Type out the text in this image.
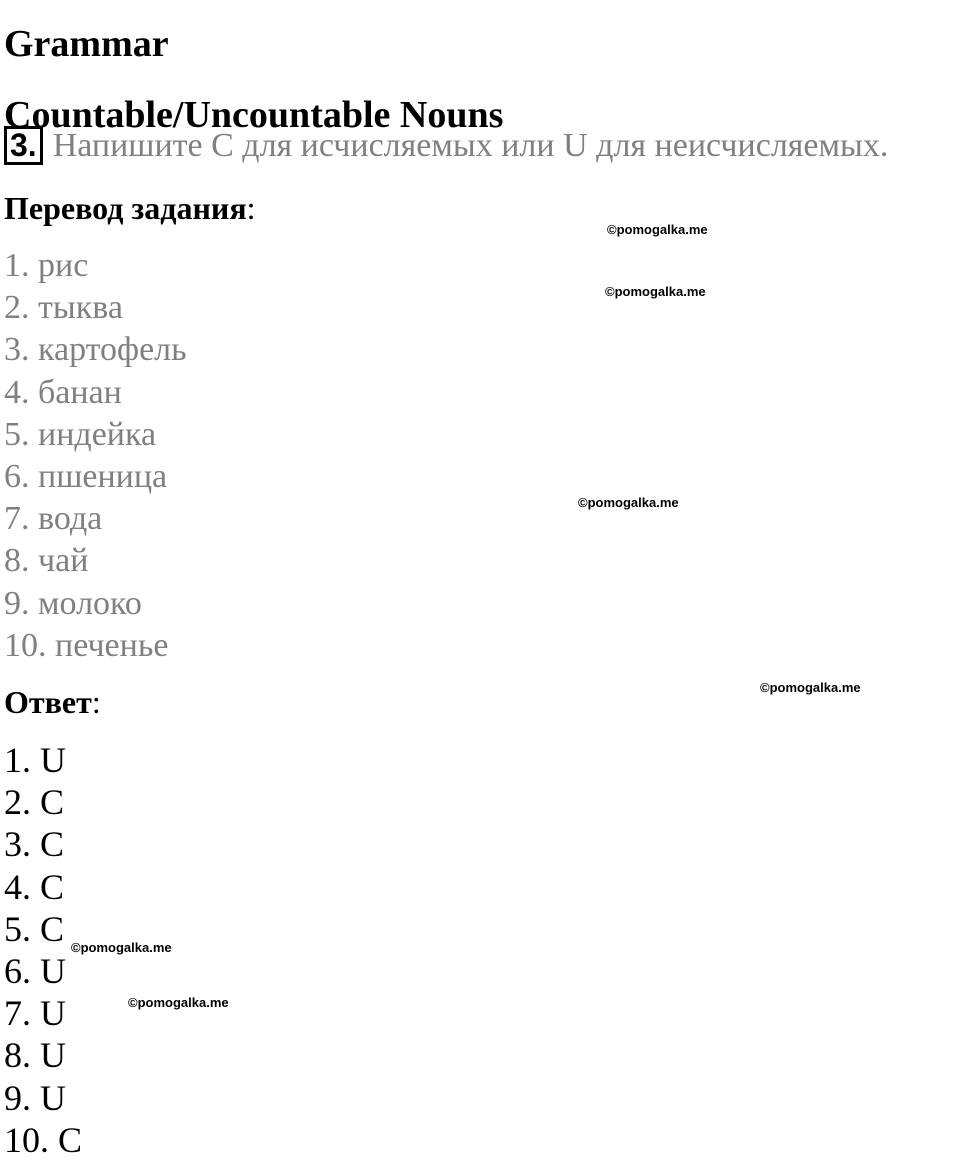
Grammar
Countable/Uncountable Nouns
3. Напишите C для исчисляемых или U для неисчисляемых.
Перевод задания:
1. рис
2. тыква
3. картофель
4. банан
5. индейка
6. пшеница
7. вода
8. чай
9. молоко
10. печенье
Ответ:
1. U
2. C
3. C
4. C
5. C
6. U
7. U
8. U
9. U
10. C
©pomogalka.me
©pomogalka.me
©pomogalka.me
©pomogalka.me
©pomogalka.me
©pomogalka.me
